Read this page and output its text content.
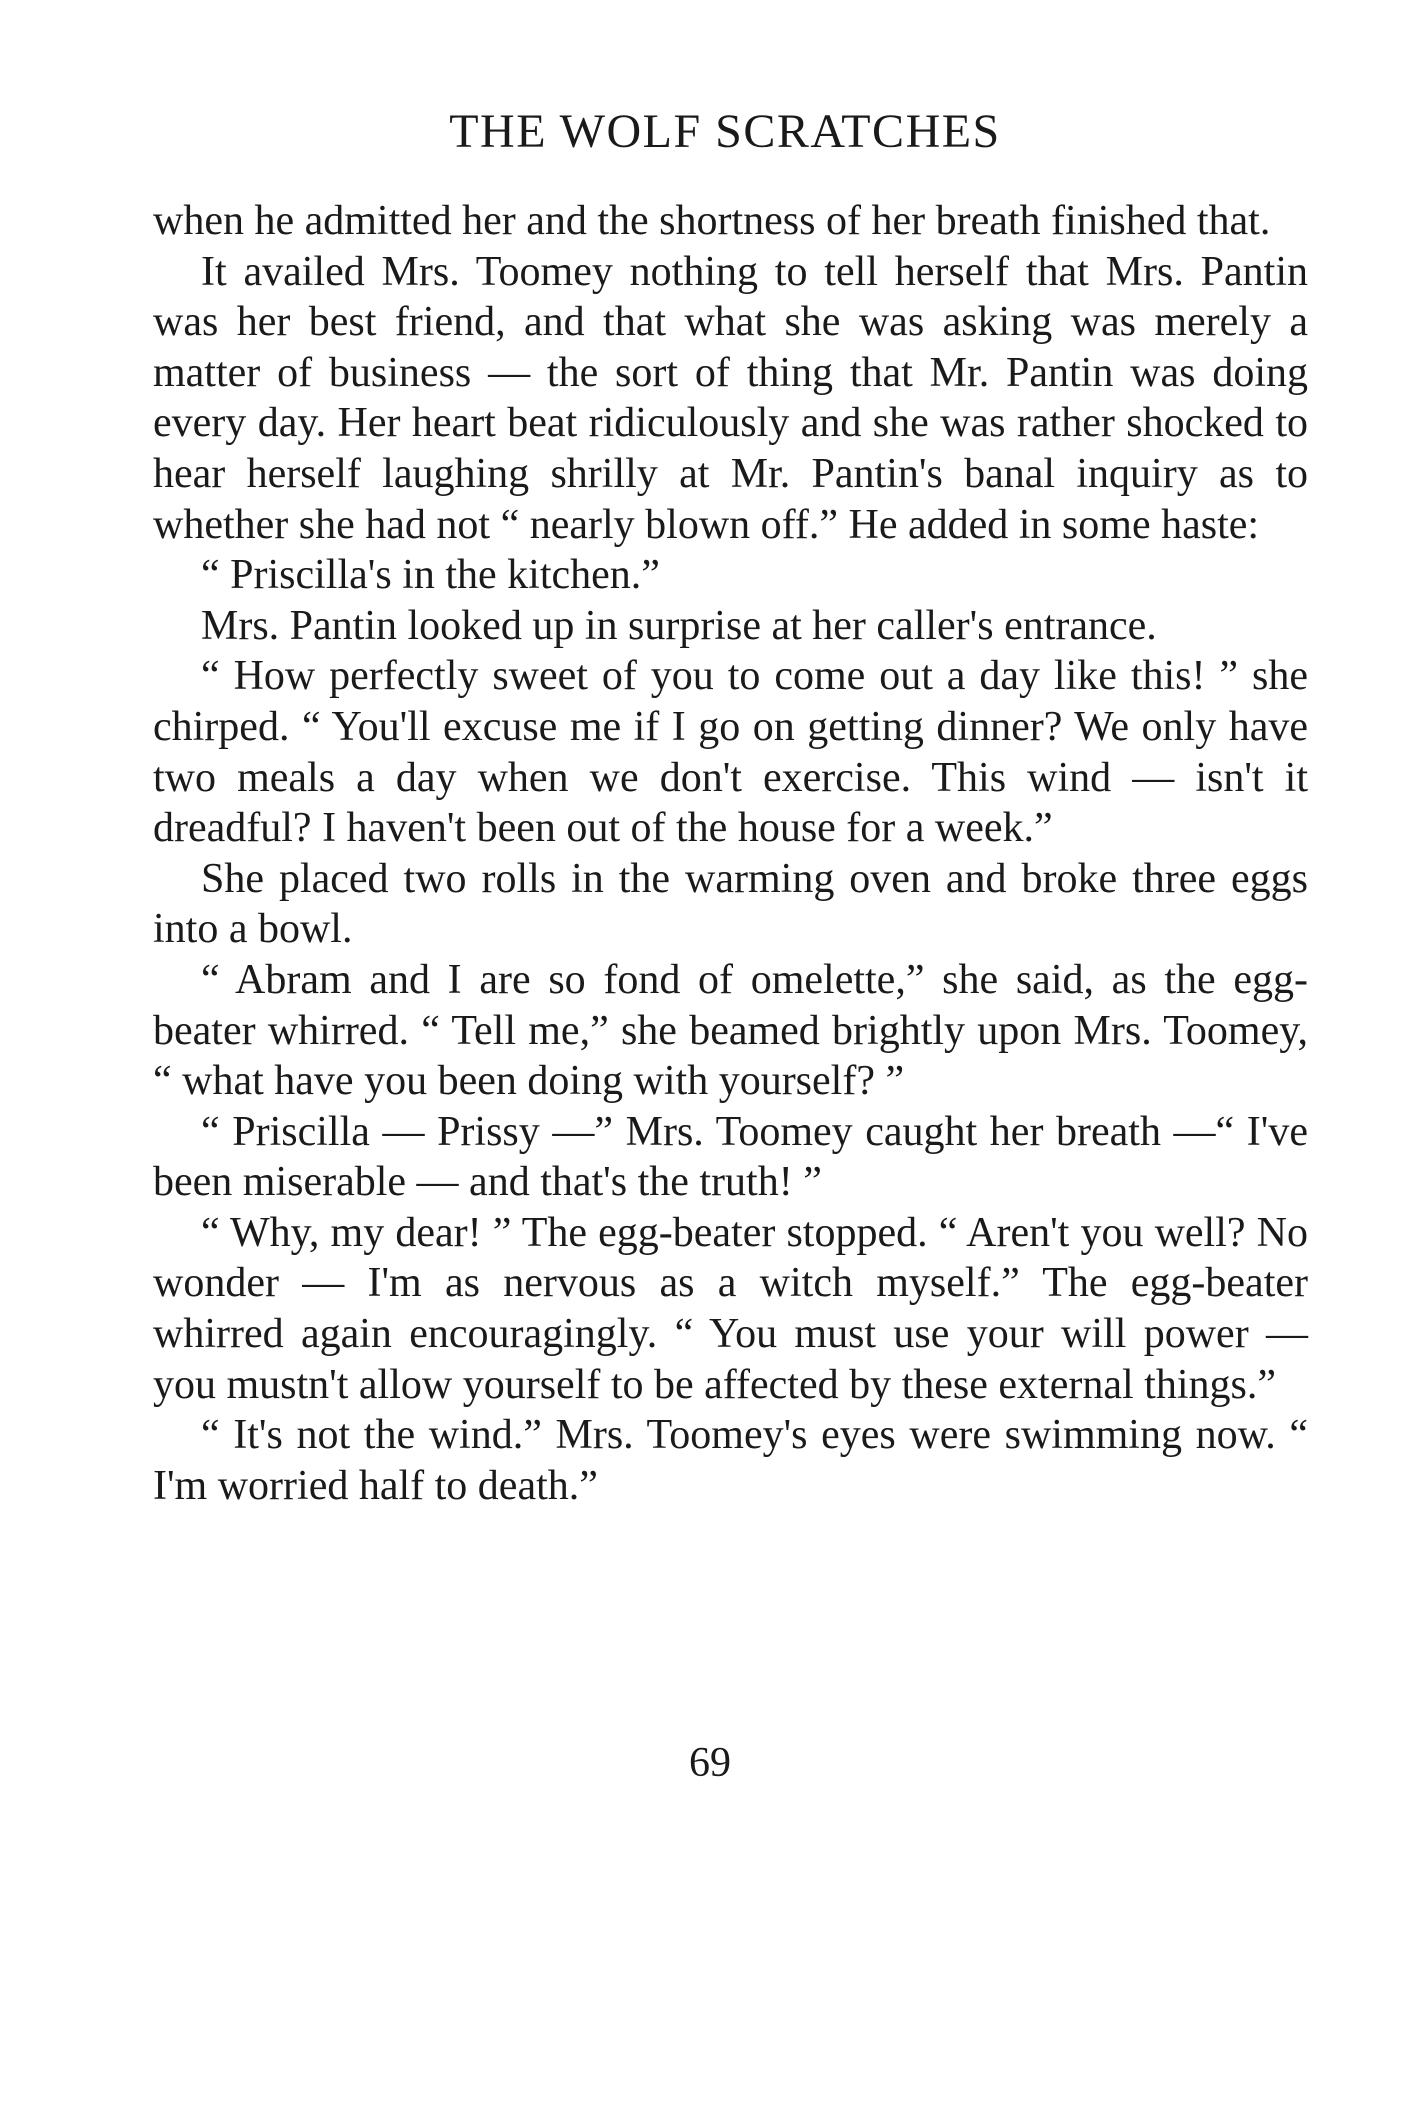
THE WOLF SCRATCHES

when he admitted her and the shortness of her breath finished that.

It availed Mrs. Toomey nothing to tell herself that Mrs. Pantin was her best friend, and that what she was asking was merely a matter of business — the sort of thing that Mr. Pantin was doing every day. Her heart beat ridiculously and she was rather shocked to hear herself laughing shrilly at Mr. Pantin's banal inquiry as to whether she had not “ nearly blown off.” He added in some haste:

“ Priscilla's in the kitchen.”

Mrs. Pantin looked up in surprise at her caller's entrance.

“ How perfectly sweet of you to come out a day like this! ” she chirped. “ You'll excuse me if I go on getting dinner? We only have two meals a day when we don't exercise. This wind — isn't it dreadful? I haven't been out of the house for a week.”

She placed two rolls in the warming oven and broke three eggs into a bowl.

“ Abram and I are so fond of omelette,” she said, as the egg-beater whirred. “ Tell me,” she beamed brightly upon Mrs. Toomey, “ what have you been doing with yourself? ”

“ Priscilla — Prissy —” Mrs. Toomey caught her breath —“ I've been miserable — and that's the truth! ”

“ Why, my dear! ” The egg-beater stopped. “ Aren't you well? No wonder — I'm as nervous as a witch myself.” The egg-beater whirred again encouragingly. “ You must use your will power — you mustn't allow yourself to be affected by these external things.”

“ It's not the wind.” Mrs. Toomey's eyes were swimming now. “ I'm worried half to death.”

69
